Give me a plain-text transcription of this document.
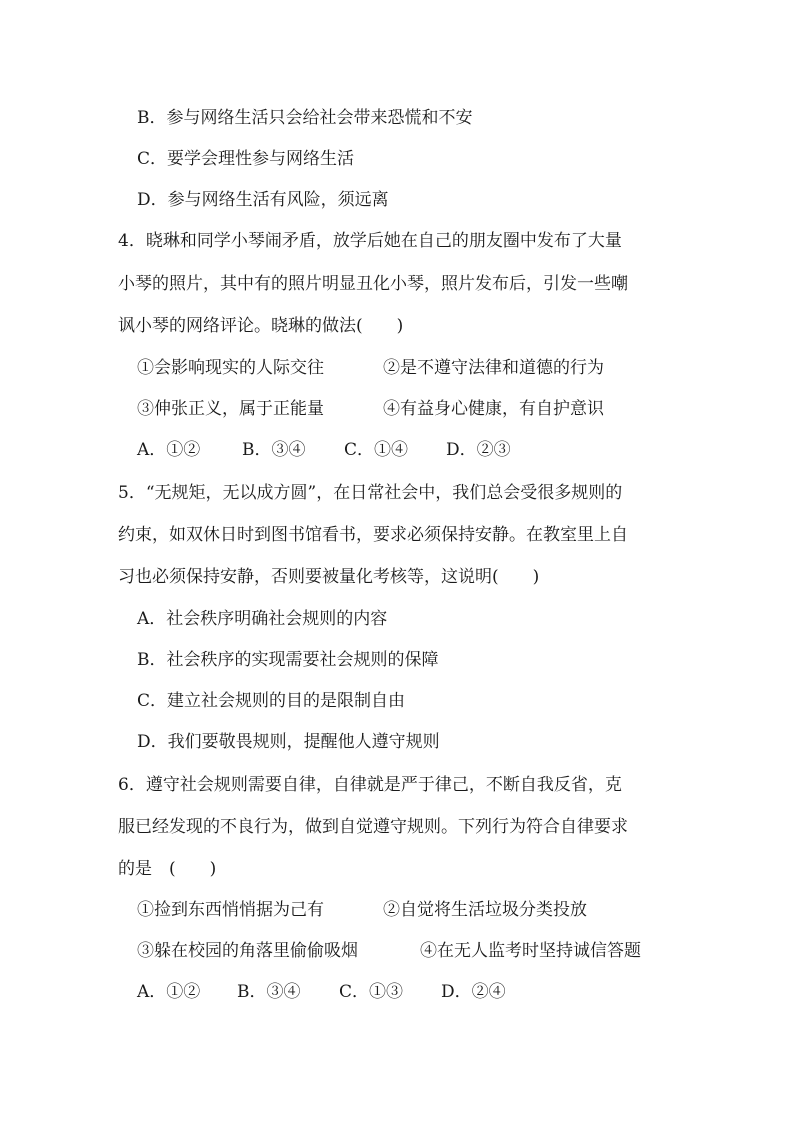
B．参与网络生活只会给社会带来恐慌和不安
C．要学会理性参与网络生活
D．参与网络生活有风险，须远离
4．晓琳和同学小琴闹矛盾，放学后她在自己的朋友圈中发布了大量
小琴的照片，其中有的照片明显丑化小琴，照片发布后，引发一些嘲
讽小琴的网络评论。晓琳的做法(　　)
①会影响现实的人际交往	②是不遵守法律和道德的行为
③伸张正义，属于正能量	④有益身心健康，有自护意识
A．①② B．③④ C．①④ D．②③
5．“无规矩，无以成方圆”，在日常社会中，我们总会受很多规则的
约束，如双休日时到图书馆看书，要求必须保持安静。在教室里上自
习也必须保持安静，否则要被量化考核等，这说明(　　)
A．社会秩序明确社会规则的内容
B．社会秩序的实现需要社会规则的保障
C．建立社会规则的目的是限制自由
D．我们要敬畏规则，提醒他人遵守规则
6．遵守社会规则需要自律，自律就是严于律己，不断自我反省，克
服已经发现的不良行为，做到自觉遵守规则。下列行为符合自律要求
的是　(　　)
①捡到东西悄悄据为己有	②自觉将生活垃圾分类投放
③躲在校园的角落里偷偷吸烟	④在无人监考时坚持诚信答题
A．①② B．③④ C．①③ D．②④
